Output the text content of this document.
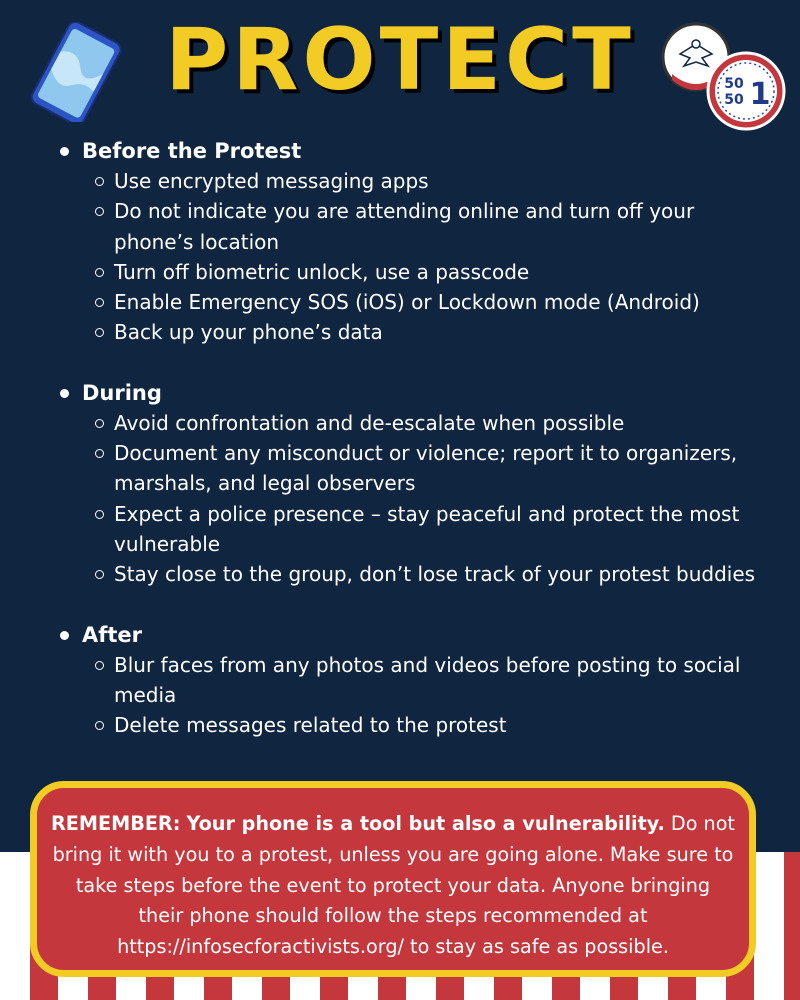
PROTECT	50
50 1
Before the Protest
Use encrypted messaging apps
Do not indicate you are attending online and turn off your phone’s location
Turn off biometric unlock, use a passcode
Enable Emergency SOS (iOS) or Lockdown mode (Android)
Back up your phone’s data
During
Avoid confrontation and de-escalate when possible
Document any misconduct or violence; report it to organizers, marshals, and legal observers
Expect a police presence – stay peaceful and protect the most vulnerable
Stay close to the group, don’t lose track of your protest buddies
After
Blur faces from any photos and videos before posting to social media
Delete messages related to the protest

REMEMBER: Your phone is a tool but also a vulnerability. Do not bring it with you to a protest, unless you are going alone. Make sure to take steps before the event to protect your data. Anyone bringing their phone should follow the steps recommended at https://infosecforactivists.org/ to stay as safe as possible.
